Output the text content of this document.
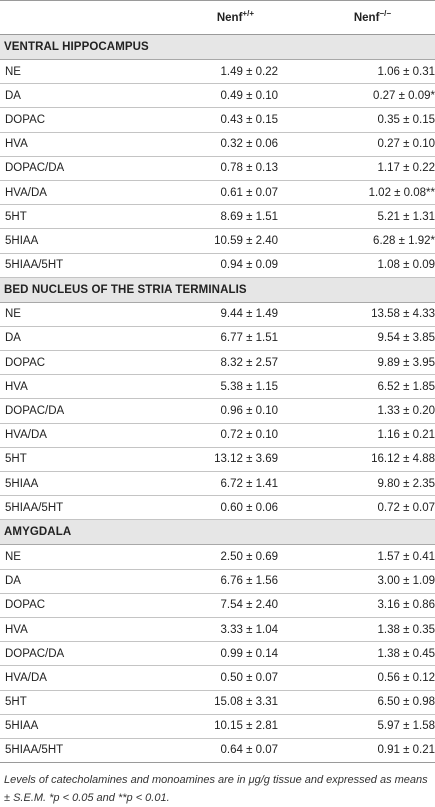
	Nenf+/+	Nenf−/−
VENTRAL HIPPOCAMPUS		
NE	1.49 ± 0.22	1.06 ± 0.31
DA	0.49 ± 0.10	0.27 ± 0.09*
DOPAC	0.43 ± 0.15	0.35 ± 0.15
HVA	0.32 ± 0.06	0.27 ± 0.10
DOPAC/DA	0.78 ± 0.13	1.17 ± 0.22
HVA/DA	0.61 ± 0.07	1.02 ± 0.08**
5HT	8.69 ± 1.51	5.21 ± 1.31
5HIAA	10.59 ± 2.40	6.28 ± 1.92*
5HIAA/5HT	0.94 ± 0.09	1.08 ± 0.09
BED NUCLEUS OF THE STRIA TERMINALIS		
NE	9.44 ± 1.49	13.58 ± 4.33
DA	6.77 ± 1.51	9.54 ± 3.85
DOPAC	8.32 ± 2.57	9.89 ± 3.95
HVA	5.38 ± 1.15	6.52 ± 1.85
DOPAC/DA	0.96 ± 0.10	1.33 ± 0.20
HVA/DA	0.72 ± 0.10	1.16 ± 0.21
5HT	13.12 ± 3.69	16.12 ± 4.88
5HIAA	6.72 ± 1.41	9.80 ± 2.35
5HIAA/5HT	0.60 ± 0.06	0.72 ± 0.07
AMYGDALA		
NE	2.50 ± 0.69	1.57 ± 0.41
DA	6.76 ± 1.56	3.00 ± 1.09
DOPAC	7.54 ± 2.40	3.16 ± 0.86
HVA	3.33 ± 1.04	1.38 ± 0.35
DOPAC/DA	0.99 ± 0.14	1.38 ± 0.45
HVA/DA	0.50 ± 0.07	0.56 ± 0.12
5HT	15.08 ± 3.31	6.50 ± 0.98
5HIAA	10.15 ± 2.81	5.97 ± 1.58
5HIAA/5HT	0.64 ± 0.07	0.91 ± 0.21
Levels of catecholamines and monoamines are in μg/g tissue and expressed as means ± S.E.M. *p < 0.05 and **p < 0.01.
